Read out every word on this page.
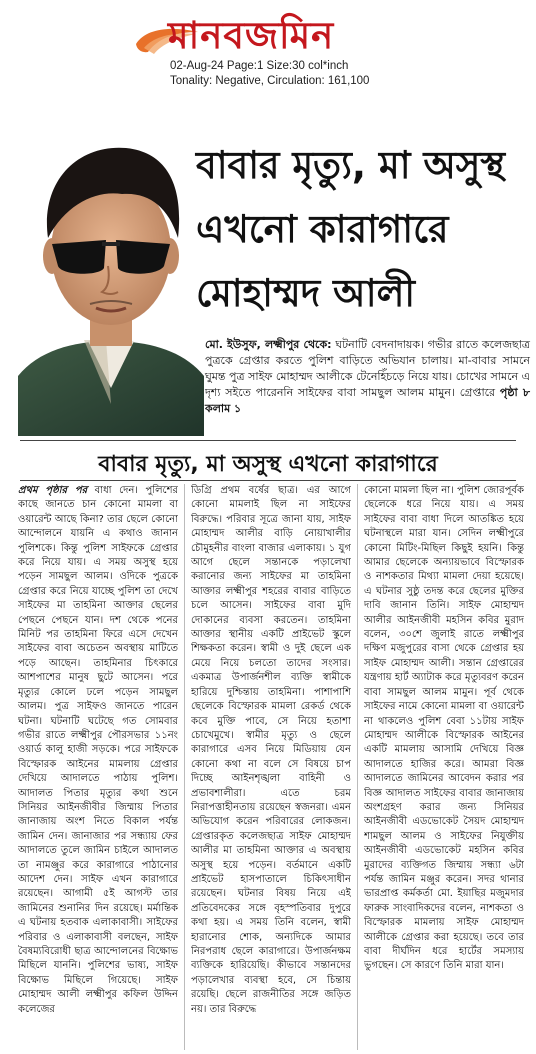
মানবজমিন
02-Aug-24 Page:1 Size:30 col*inch
Tonality: Negative, Circulation: 161,100
বাবার মৃত্যু, মা অসুস্থ
এখনো কারাগারে
মোহাম্মদ আলী
মো. ইউসুফ, লক্ষ্মীপুর থেকে: ঘটনাটি বেদনাদায়ক। গভীর রাতে কলেজছাত্র পুত্রকে গ্রেপ্তার করতে পুলিশ বাড়িতে অভিযান চালায়। মা-বাবার সামনে ঘুমন্ত পুত্র সাইফ মোহাম্মদ আলীকে টেনেহিঁচড়ে নিয়ে যায়। চোখের সামনে এ দৃশ্য সইতে পারেননি সাইফের বাবা সামছুল আলম মামুন। গ্রেপ্তারে পৃষ্ঠা ৮ কলাম ১
বাবার মৃত্যু, মা অসুস্থ এখনো কারাগারে

প্রথম পৃষ্ঠার পর বাধা দেন। পুলিশের কাছে জানতে চান কোনো মামলা বা ওয়ারেন্ট আছে কিনা? তার ছেলে কোনো আন্দোলনে যায়নি এ কথাও জানান পুলিশকে। কিন্তু পুলিশ সাইফকে গ্রেপ্তার করে নিয়ে যায়। এ সময় অসুস্থ হয়ে পড়েন সামছুল আলম। ওদিকে পুত্রকে গ্রেপ্তার করে নিয়ে যাচ্ছে পুলিশ তা দেখে সাইফের মা তাহমিনা আক্তার ছেলের পেছনে পেছনে যান। দশ থেকে পনের মিনিট পর তাহমিনা ফিরে এসে দেখেন সাইফের বাবা অচেতন অবস্থায় মাটিতে পড়ে আছেন। তাহমিনার চিৎকারে আশপাশের মানুষ ছুটে আসেন। পরে মৃত্যুর কোলে ঢলে পড়েন সামছুল আলম। পুত্র সাইফও জানতে পারেন ঘটনা। ঘটনাটি ঘটেছে গত সোমবার গভীর রাতে লক্ষ্মীপুর পৌরসভার ১১নং ওয়ার্ড কালু হাজী সড়কে। পরে সাইফকে বিস্ফোরক আইনের মামলায় গ্রেপ্তার দেখিয়ে আদালতে পাঠায় পুলিশ। আদালত পিতার মৃত্যুর কথা শুনে সিনিয়র আইনজীবীর জিম্মায় পিতার জানাজায় অংশ নিতে বিকাল পর্যন্ত জামিন দেন। জানাজার পর সন্ধ্যায় ফের আদালতে তুলে জামিন চাইলে আদালত তা নামঞ্জুর করে কারাগারে পাঠানোর আদেশ দেন। সাইফ এখন কারাগারে রয়েছেন। আগামী ৫ই আগস্ট তার জামিনের শুনানির দিন রয়েছে। মর্মান্তিক এ ঘটনায় হতবাক এলাকাবাসী। সাইফের পরিবার ও এলাকাবাসী বলছেন, সাইফ বৈষম্যবিরোধী ছাত্র আন্দোলনের বিক্ষোভ মিছিলে যাননি। পুলিশের ভাষ্য, সাইফ বিক্ষোভ মিছিলে গিয়েছে। সাইফ মোহাম্মদ আলী লক্ষ্মীপুর কফিল উদ্দিন কলেজের

ডিগ্রি প্রথম বর্ষের ছাত্র। এর আগে কোনো মামলাই ছিল না সাইফের বিরুদ্ধে। পরিবার সূত্রে জানা যায়, সাইফ মোহাম্মদ আলীর বাড়ি নোয়াখালীর চৌমুহনীর বাংলা বাজার এলাকায়। ১ যুগ আগে ছেলে সন্তানকে পড়ালেখা করানোর জন্য সাইফের মা তাহমিনা আক্তার লক্ষ্মীপুর শহরের বাবার বাড়িতে চলে আসেন। সাইফের বাবা মুদি দোকানের ব্যবসা করতেন। তাহমিনা আক্তার স্থানীয় একটি প্রাইভেট স্কুলে শিক্ষকতা করেন। স্বামী ও দুই ছেলে এক মেয়ে নিয়ে চলতো তাদের সংসার। একমাত্র উপার্জনশীল ব্যক্তি স্বামীকে হারিয়ে দুশ্চিন্তায় তাহমিনা। পাশাপাশি ছেলেকে বিস্ফোরক মামলা রেকর্ড থেকে কবে মুক্তি পাবে, সে নিয়ে হতাশা চোখেমুখে। স্বামীর মৃত্যু ও ছেলে কারাগারে এসব নিয়ে মিডিয়ায় যেন কোনো কথা না বলে সে বিষয়ে চাপ দিচ্ছে আইনশৃঙ্খলা বাহিনী ও প্রভাবশালীরা। এতে চরম নিরাপত্তাহীনতায় রয়েছেন স্বজনরা। এমন অভিযোগ করেন পরিবারের লোকজন। গ্রেপ্তারকৃত কলেজছাত্র সাইফ মোহাম্মদ আলীর মা তাহমিনা আক্তার এ অবস্থায় অসুস্থ হয়ে পড়েন। বর্তমানে একটি প্রাইভেট হাসপাতালে চিকিৎসাধীন রয়েছেন। ঘটনার বিষয় নিয়ে এই প্রতিবেদকের সঙ্গে বৃহস্পতিবার দুপুরে কথা হয়। এ সময় তিনি বলেন, স্বামী হারানোর শোক, অন্যদিকে আমার নিরপরাধ ছেলে কারাগারে। উপার্জনক্ষম ব্যক্তিকে হারিয়েছি। কীভাবে সন্তানদের পড়ালেখার ব্যবস্থা হবে, সে চিন্তায় রয়েছি। ছেলে রাজনীতির সঙ্গে জড়িত নয়। তার বিরুদ্ধে

কোনো মামলা ছিল না। পুলিশ জোরপূর্বক ছেলেকে ধরে নিয়ে যায়। এ সময় সাইফের বাবা বাধা দিলে আতঙ্কিত হয়ে ঘটনাস্থলে মারা যান। সেদিন লক্ষ্মীপুরে কোনো মিটিং-মিছিল কিছুই হয়নি। কিন্তু আমার ছেলেকে অন্যায়ভাবে বিস্ফোরক ও নাশকতার মিথ্যা মামলা দেয়া হয়েছে। এ ঘটনার সুষ্ঠু তদন্ত করে ছেলের মুক্তির দাবি জানান তিনি। সাইফ মোহাম্মদ আলীর আইনজীবী মহসিন কবির মুরাদ বলেন, ৩০শে জুলাই রাতে লক্ষ্মীপুর দক্ষিণ মজুপুরের বাসা থেকে গ্রেপ্তার হয় সাইফ মোহাম্মদ আলী। সন্তান গ্রেপ্তারের যন্ত্রণায় হার্ট অ্যাটাক করে মৃত্যুবরণ করেন বাবা সামছুল আলম মামুন। পূর্ব থেকে সাইফের নামে কোনো মামলা বা ওয়ারেন্ট না থাকলেও পুলিশ বেবা ১১টায় সাইফ মোহাম্মদ আলীকে বিস্ফোরক আইনের একটি মামলায় আসামি দেখিয়ে বিজ্ঞ আদালতে হাজির করে। আমরা বিজ্ঞ আদালতে জামিনের আবেদন করার পর বিজ্ঞ আদালত সাইফের বাবার জানাজায় অংশগ্রহণ করার জন্য সিনিয়র আইনজীবী এডভোকেট সৈয়দ মোহাম্মদ শামছুল আলম ও সাইফের নিযুক্তীয় আইনজীবী এডভোকেট মহসিন কবির মুরাদের ব্যক্তিগত জিম্মায় সন্ধ্যা ৬টা পর্যন্ত জামিন মঞ্জুর করেন। সদর থানার ভারপ্রাপ্ত কর্মকর্তা মো. ইয়াছির মজুমদার ফারুক সাংবাদিকদের বলেন, নাশকতা ও বিস্ফোরক মামলায় সাইফ মোহাম্মদ আলীকে গ্রেপ্তার করা হয়েছে। তবে তার বাবা দীর্ঘদিন ধরে হার্টের সমস্যায় ভুগছেন। সে কারণে তিনি মারা যান।
